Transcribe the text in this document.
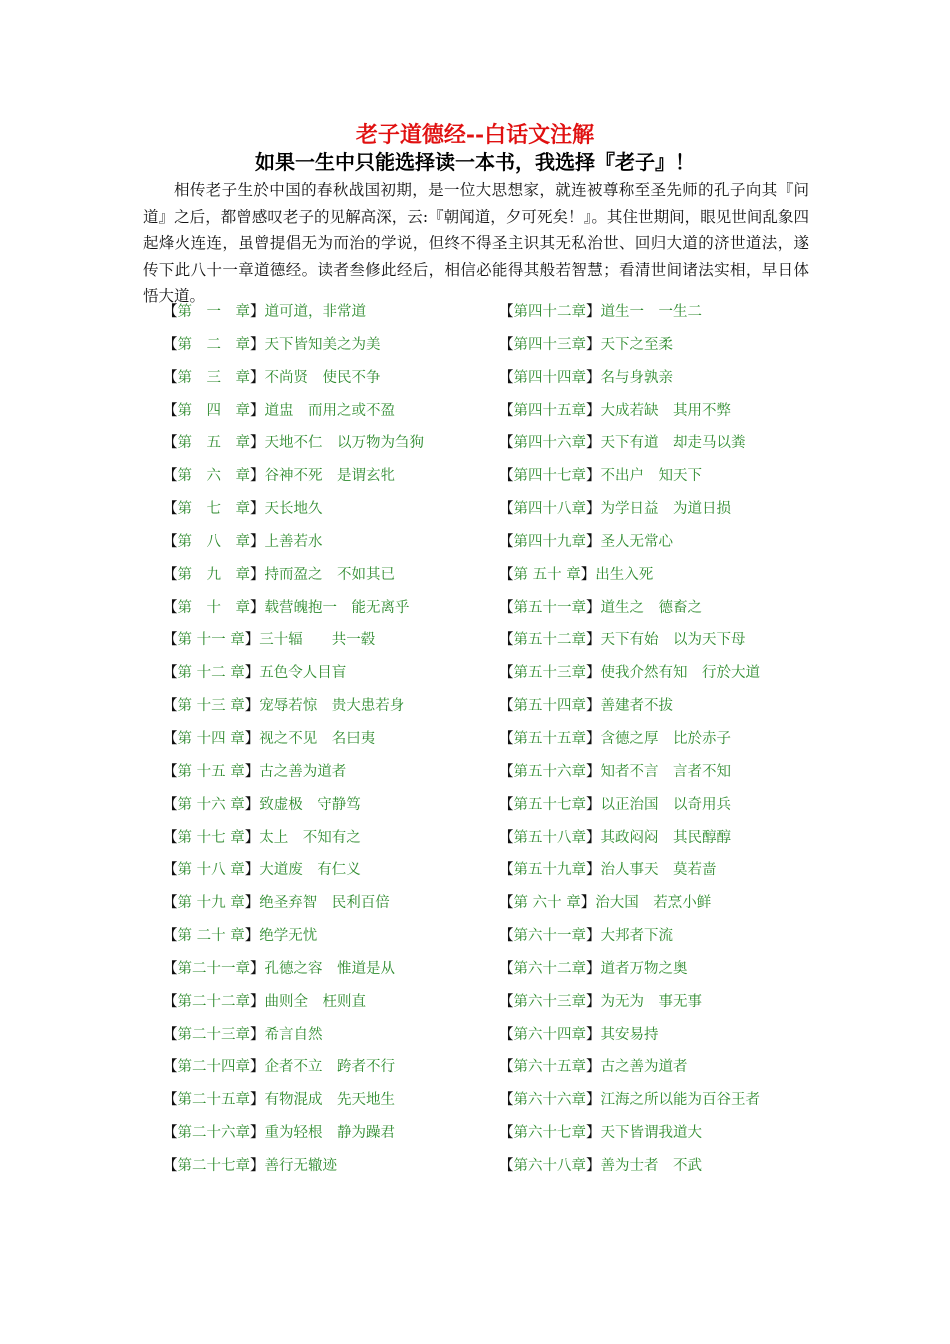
老子道德经--白话文注解
如果一生中只能选择读一本书，我选择『老子』！

相传老子生於中国的春秋战国初期，是一位大思想家，就连被尊称至圣先师的孔子向其『问道』之后，都曾感叹老子的见解高深，云:『朝闻道，夕可死矣！』。其住世期间，眼见世间乱象四起烽火连连，虽曾提倡无为而治的学说，但终不得圣主识其无私治世、回归大道的济世道法，遂传下此八十一章道德经。读者叁修此经后，相信必能得其般若智慧；看清世间诸法实相，早日体悟大道。

【第　一　章】道可道，非常道
【第　二　章】天下皆知美之为美
【第　三　章】不尚贤　使民不争
【第　四　章】道盅　而用之或不盈
【第　五　章】天地不仁　以万物为刍狗
【第　六　章】谷神不死　是谓玄牝
【第　七　章】天长地久
【第　八　章】上善若水
【第　九　章】持而盈之　不如其已
【第　十　章】载营魄抱一　能无离乎
【第 十一 章】三十辐　　共一毂
【第 十二 章】五色令人目盲
【第 十三 章】宠辱若惊　贵大患若身
【第 十四 章】视之不见　名曰夷
【第 十五 章】古之善为道者
【第 十六 章】致虚极　守静笃
【第 十七 章】太上　不知有之
【第 十八 章】大道废　有仁义
【第 十九 章】绝圣弃智　民利百倍
【第 二十 章】绝学无忧
【第二十一章】孔德之容　惟道是从
【第二十二章】曲则全　枉则直
【第二十三章】希言自然
【第二十四章】企者不立　跨者不行
【第二十五章】有物混成　先天地生
【第二十六章】重为轻根　静为躁君
【第二十七章】善行无辙迹
【第四十二章】道生一　一生二
【第四十三章】天下之至柔
【第四十四章】名与身孰亲
【第四十五章】大成若缺　其用不弊
【第四十六章】天下有道　却走马以粪
【第四十七章】不出户　知天下
【第四十八章】为学日益　为道日损
【第四十九章】圣人无常心
【第 五十 章】出生入死
【第五十一章】道生之　德畜之
【第五十二章】天下有始　以为天下母
【第五十三章】使我介然有知　行於大道
【第五十四章】善建者不拔
【第五十五章】含德之厚　比於赤子
【第五十六章】知者不言　言者不知
【第五十七章】以正治国　以奇用兵
【第五十八章】其政闷闷　其民醇醇
【第五十九章】治人事天　莫若啬
【第 六十 章】治大国　若烹小鲜
【第六十一章】大邦者下流
【第六十二章】道者万物之奥
【第六十三章】为无为　事无事
【第六十四章】其安易持
【第六十五章】古之善为道者
【第六十六章】江海之所以能为百谷王者
【第六十七章】天下皆谓我道大
【第六十八章】善为士者　不武
